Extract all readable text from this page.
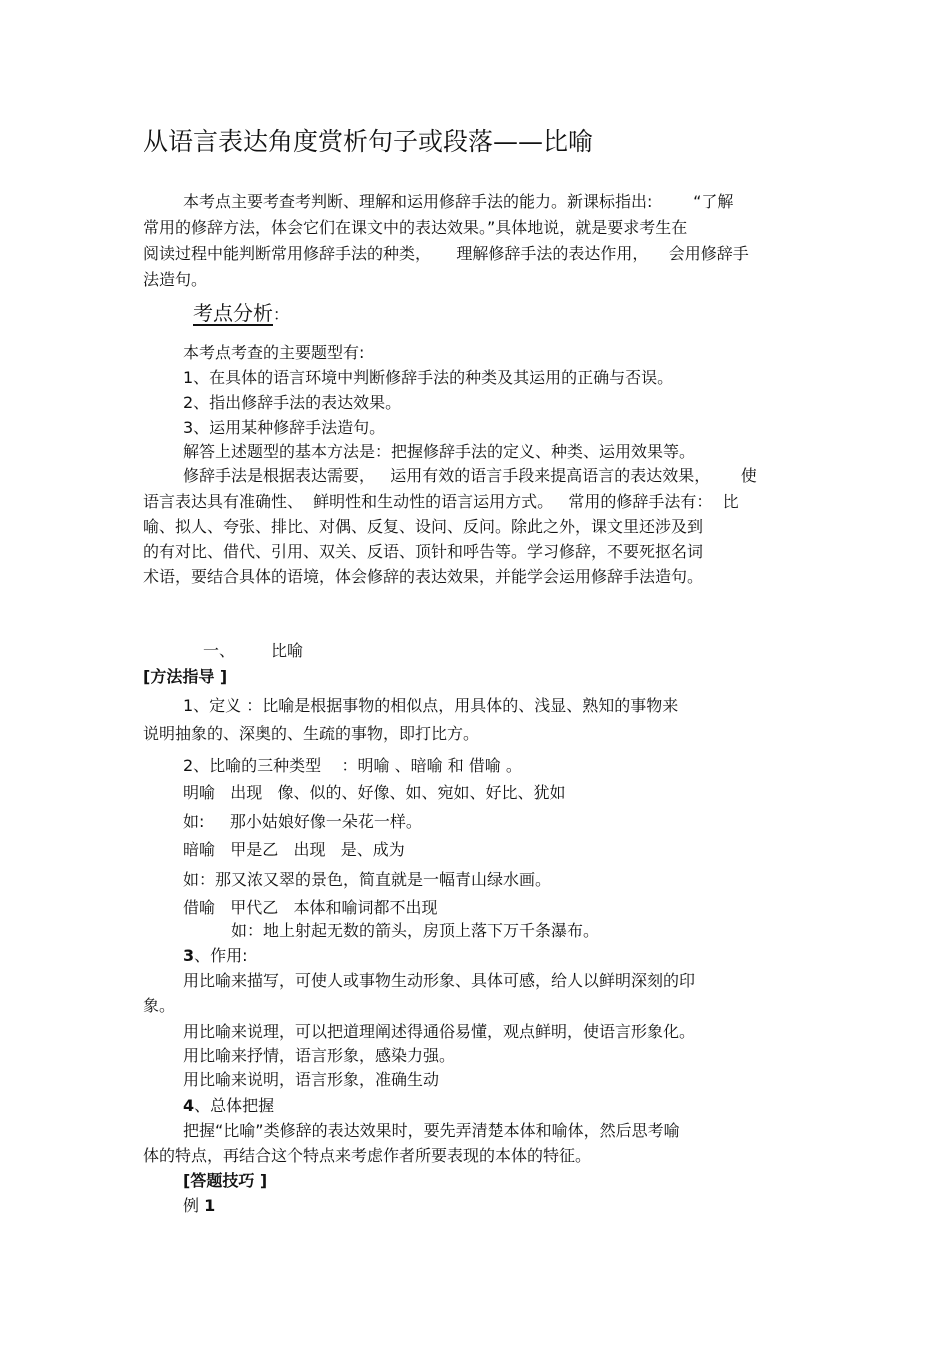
从语言表达角度赏析句子或段落——比喻
本考点主要考查考判断、理解和运用修辞手法的能力。新课标指出:        “了解
常用的修辞方法，体会它们在课文中的表达效果。”具体地说，就是要求考生在
阅读过程中能判断常用修辞手法的种类，     理解修辞手法的表达作用，    会用修辞手
法造句。
考点分析：
本考点考查的主要题型有:
1、在具体的语言环境中判断修辞手法的种类及其运用的正确与否误。
2、指出修辞手法的表达效果。
3、运用某种修辞手法造句。
解答上述题型的基本方法是：把握修辞手法的定义、种类、运用效果等。
修辞手法是根据表达需要，   运用有效的语言手段来提高语言的表达效果，      使
语言表达具有准确性、  鲜明性和生动性的语言运用方式。   常用的修辞手法有：  比
喻、拟人、夸张、排比、对偶、反复、设问、反问。除此之外，课文里还涉及到
的有对比、借代、引用、双关、反语、顶针和呼告等。学习修辞，不要死抠名词
术语，要结合具体的语境，体会修辞的表达效果，并能学会运用修辞手法造句。
一、 比喻
[方法指导 ]
1、定义 ：比喻是根据事物的相似点，用具体的、浅显、熟知的事物来
说明抽象的、深奥的、生疏的事物，即打比方。
2、比喻的三种类型    ：明喻 、暗喻 和 借喻 。
明喻   出现   像、似的、好像、如、宛如、好比、犹如
如:     那小姑娘好像一朵花一样。
暗喻   甲是乙   出现   是、成为
如：那又浓又翠的景色，简直就是一幅青山绿水画。
借喻   甲代乙   本体和喻词都不出现
如：地上射起无数的箭头，房顶上落下万千条瀑布。
3、作用:
用比喻来描写，可使人或事物生动形象、具体可感，给人以鲜明深刻的印
象。
用比喻来说理，可以把道理阐述得通俗易懂，观点鲜明，使语言形象化。
用比喻来抒情，语言形象，感染力强。
用比喻来说明，语言形象，准确生动
4、总体把握
把握“比喻”类修辞的表达效果时，要先弄清楚本体和喻体，然后思考喻
体的特点，再结合这个特点来考虑作者所要表现的本体的特征。
[答题技巧 ]
例 1
